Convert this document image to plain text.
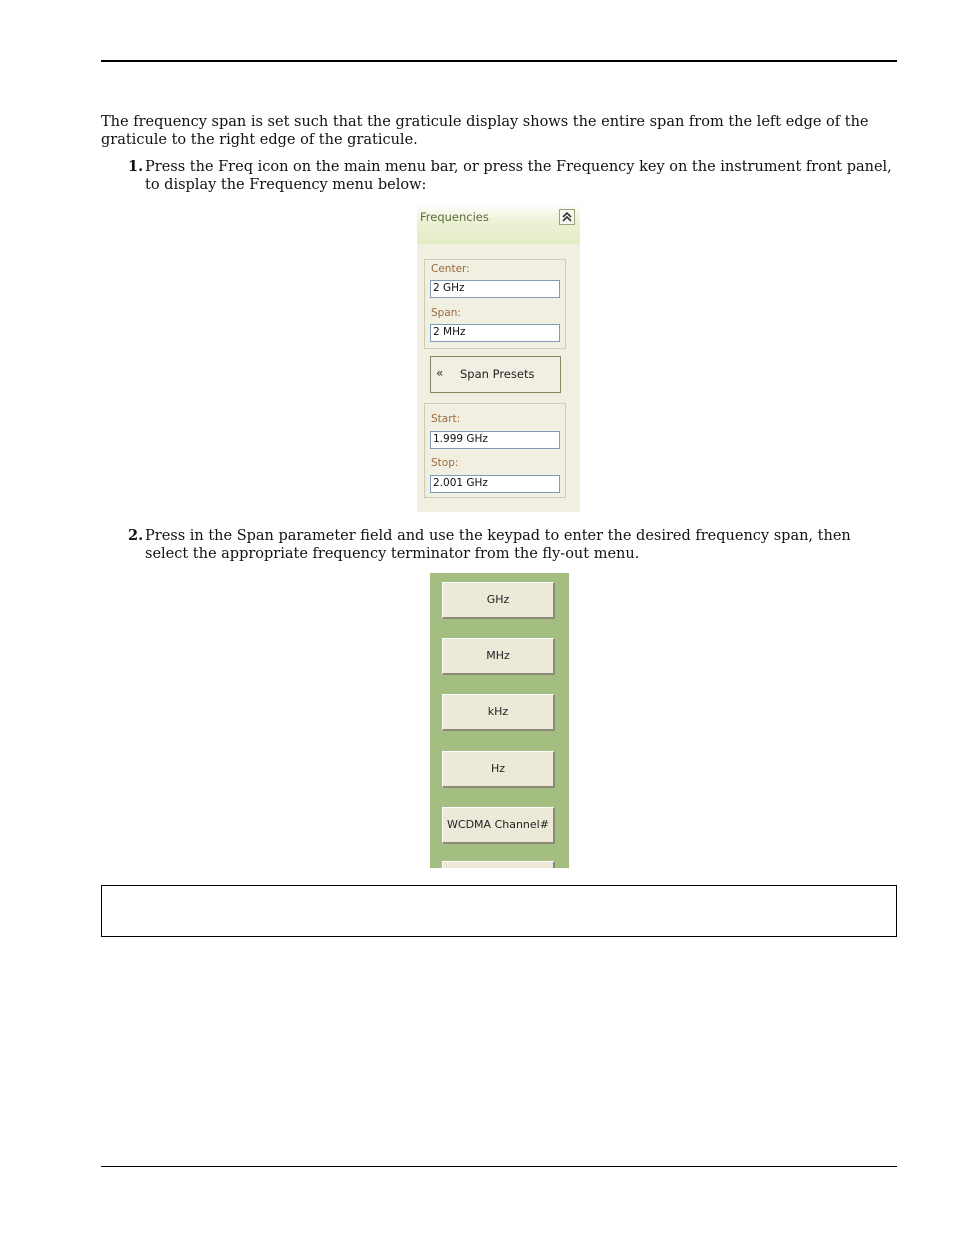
The frequency span is set such that the graticule display shows the entire span from the left edge of the graticule to the right edge of the graticule.
1. Press the Freq icon on the main menu bar, or press the Frequency key on the instrument front panel, to display the Frequency menu below:
Frequencies
Center:
2 GHz
Span:
2 MHz
« Span Presets
Start:
1.999 GHz
Stop:
2.001 GHz
2. Press in the Span parameter field and use the keypad to enter the desired frequency span, then select the appropriate frequency terminator from the fly-out menu.
GHz
MHz
kHz
Hz
WCDMA Channel#
